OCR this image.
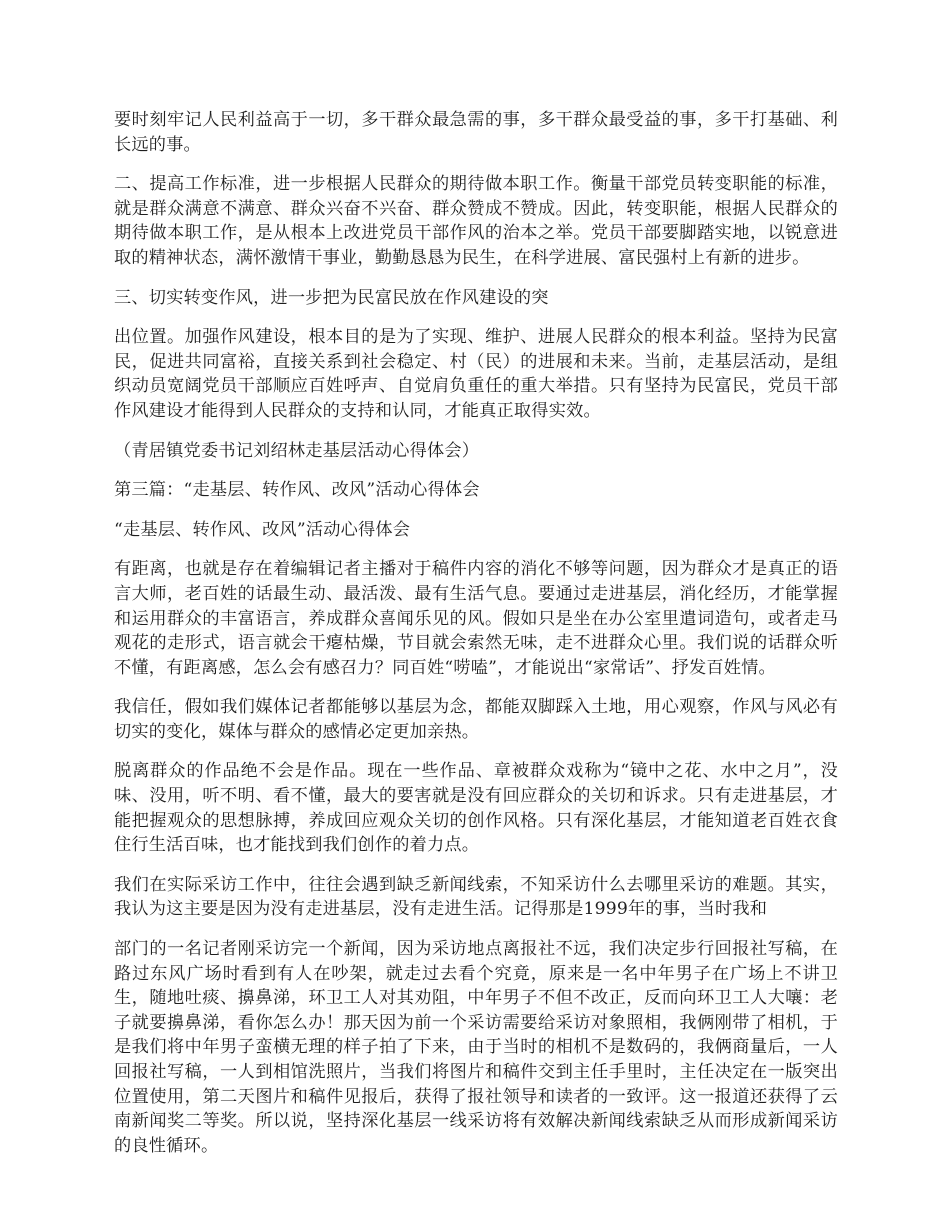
要时刻牢记人民利益高于一切，多干群众最急需的事，多干群众最受益的事，多干打基础、利长远的事。

二、提高工作标准，进一步根据人民群众的期待做本职工作。衡量干部党员转变职能的标准，就是群众满意不满意、群众兴奋不兴奋、群众赞成不赞成。因此，转变职能，根据人民群众的期待做本职工作，是从根本上改进党员干部作风的治本之举。党员干部要脚踏实地，以锐意进取的精神状态，满怀激情干事业，勤勤恳恳为民生，在科学进展、富民强村上有新的进步。

三、切实转变作风，进一步把为民富民放在作风建设的突

出位置。加强作风建设，根本目的是为了实现、维护、进展人民群众的根本利益。坚持为民富民，促进共同富裕，直接关系到社会稳定、村（民）的进展和未来。当前，走基层活动，是组织动员宽阔党员干部顺应百姓呼声、自觉肩负重任的重大举措。只有坚持为民富民，党员干部作风建设才能得到人民群众的支持和认同，才能真正取得实效。

（青居镇党委书记刘绍林走基层活动心得体会）

第三篇：“走基层、转作风、改风”活动心得体会

“走基层、转作风、改风”活动心得体会

有距离，也就是存在着编辑记者主播对于稿件内容的消化不够等问题，因为群众才是真正的语言大师，老百姓的话最生动、最活泼、最有生活气息。要通过走进基层，消化经历，才能掌握和运用群众的丰富语言，养成群众喜闻乐见的风。假如只是坐在办公室里遣词造句，或者走马观花的走形式，语言就会干瘪枯燥，节目就会索然无味，走不进群众心里。我们说的话群众听不懂，有距离感，怎么会有感召力？同百姓“唠嗑”，才能说出“家常话”、抒发百姓情。

我信任，假如我们媒体记者都能够以基层为念，都能双脚踩入土地，用心观察，作风与风必有切实的变化，媒体与群众的感情必定更加亲热。

脱离群众的作品绝不会是作品。现在一些作品、章被群众戏称为“镜中之花、水中之月”，没味、没用，听不明、看不懂，最大的要害就是没有回应群众的关切和诉求。只有走进基层，才能把握观众的思想脉搏，养成回应观众关切的创作风格。只有深化基层，才能知道老百姓衣食住行生活百味，也才能找到我们创作的着力点。

我们在实际采访工作中，往往会遇到缺乏新闻线索，不知采访什么去哪里采访的难题。其实，我认为这主要是因为没有走进基层，没有走进生活。记得那是1999年的事，当时我和

部门的一名记者刚采访完一个新闻，因为采访地点离报社不远，我们决定步行回报社写稿，在路过东风广场时看到有人在吵架，就走过去看个究竟，原来是一名中年男子在广场上不讲卫生，随地吐痰、擤鼻涕，环卫工人对其劝阻，中年男子不但不改正，反而向环卫工人大嚷：老子就要擤鼻涕，看你怎么办！那天因为前一个采访需要给采访对象照相，我俩刚带了相机，于是我们将中年男子蛮横无理的样子拍了下来，由于当时的相机不是数码的，我俩商量后，一人回报社写稿，一人到相馆洗照片，当我们将图片和稿件交到主任手里时，主任决定在一版突出位置使用，第二天图片和稿件见报后，获得了报社领导和读者的一致评。这一报道还获得了云南新闻奖二等奖。所以说，坚持深化基层一线采访将有效解决新闻线索缺乏从而形成新闻采访的良性循环。
